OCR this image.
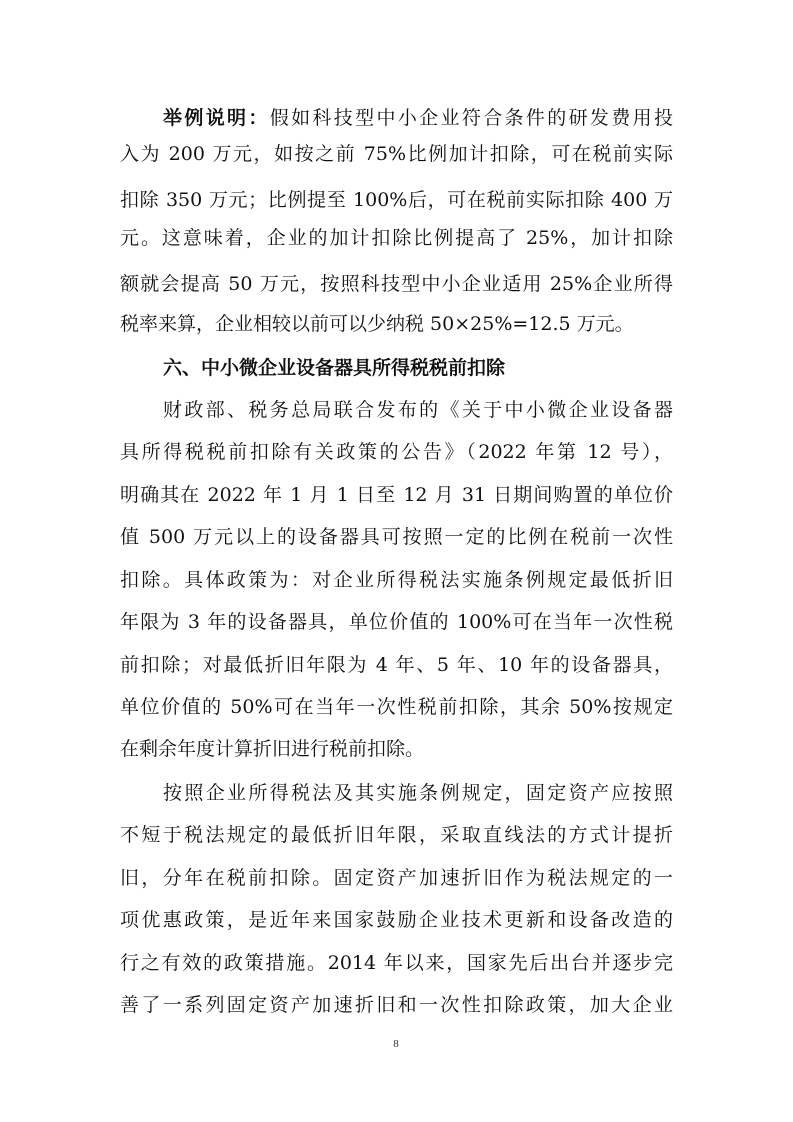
举例说明：假如科技型中小企业符合条件的研发费用投
入为 200 万元，如按之前 75%比例加计扣除，可在税前实际
扣除 350 万元；比例提至 100%后，可在税前实际扣除 400 万
元。这意味着，企业的加计扣除比例提高了 25%，加计扣除
额就会提高 50 万元，按照科技型中小企业适用 25%企业所得
税率来算，企业相较以前可以少纳税 50×25%=12.5 万元。
六、中小微企业设备器具所得税税前扣除
财政部、税务总局联合发布的《关于中小微企业设备器
具所得税税前扣除有关政策的公告》（2022 年第 12 号），
明确其在 2022 年 1 月 1 日至 12 月 31 日期间购置的单位价
值 500 万元以上的设备器具可按照一定的比例在税前一次性
扣除。具体政策为：对企业所得税法实施条例规定最低折旧
年限为 3 年的设备器具，单位价值的 100%可在当年一次性税
前扣除；对最低折旧年限为 4 年、5 年、10 年的设备器具，
单位价值的 50%可在当年一次性税前扣除，其余 50%按规定
在剩余年度计算折旧进行税前扣除。
按照企业所得税法及其实施条例规定，固定资产应按照
不短于税法规定的最低折旧年限，采取直线法的方式计提折
旧，分年在税前扣除。固定资产加速折旧作为税法规定的一
项优惠政策，是近年来国家鼓励企业技术更新和设备改造的
行之有效的政策措施。2014 年以来，国家先后出台并逐步完
善了一系列固定资产加速折旧和一次性扣除政策，加大企业
8
